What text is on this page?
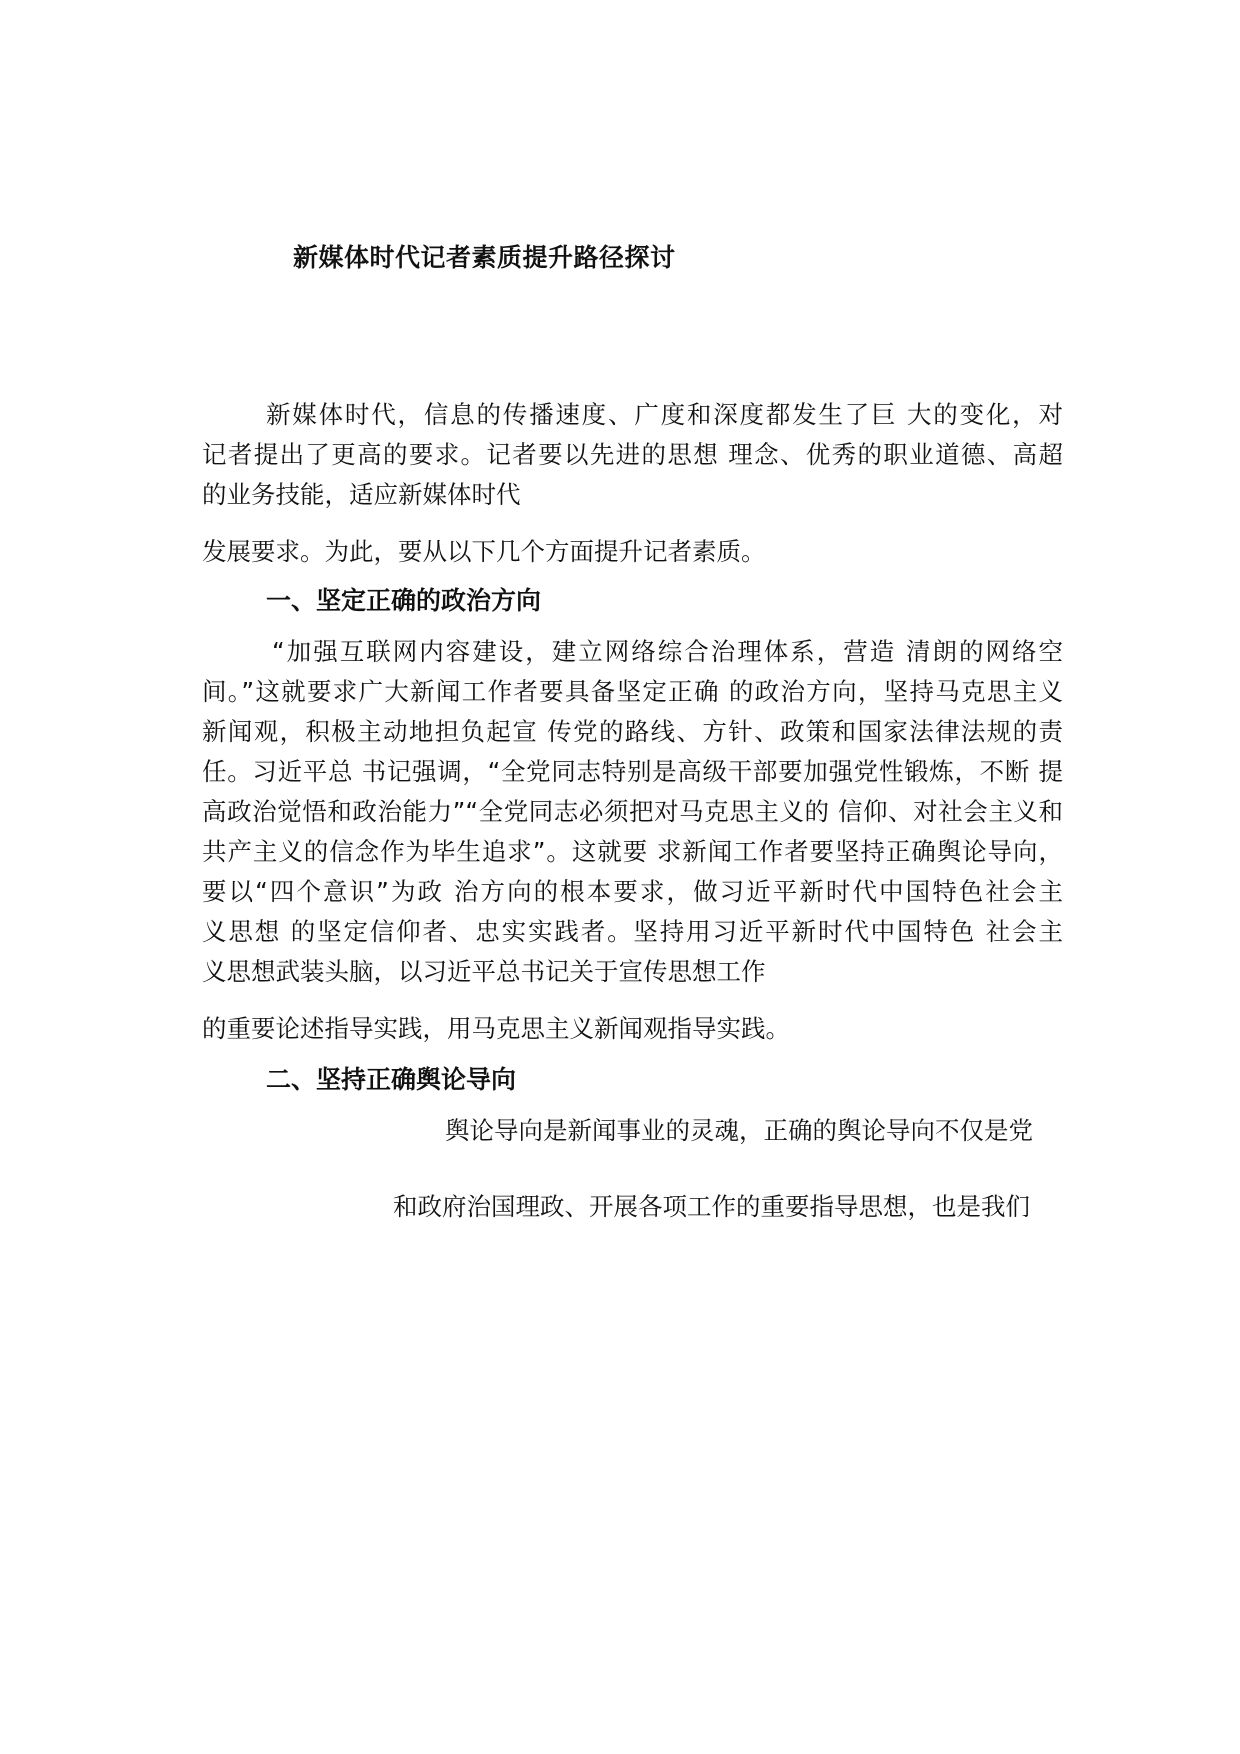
新媒体时代记者素质提升路径探讨
新媒体时代，信息的传播速度、广度和深度都发生了巨 大的变化，对
记者提出了更高的要求。记者要以先进的思想 理念、优秀的职业道德、高超
的业务技能，适应新媒体时代
发展要求。为此，要从以下几个方面提升记者素质。
一、坚定正确的政治方向
“加强互联网内容建设，建立网络综合治理体系，营造 清朗的网络空
间。”这就要求广大新闻工作者要具备坚定正确 的政治方向，坚持马克思主义
新闻观，积极主动地担负起宣 传党的路线、方针、政策和国家法律法规的责
任。习近平总 书记强调，“全党同志特别是高级干部要加强党性锻炼，不断 提
高政治觉悟和政治能力”“全党同志必须把对马克思主义的 信仰、对社会主义和
共产主义的信念作为毕生追求”。这就要 求新闻工作者要坚持正确舆论导向，
要以“四个意识”为政 治方向的根本要求，做习近平新时代中国特色社会主
义思想 的坚定信仰者、忠实实践者。坚持用习近平新时代中国特色 社会主
义思想武装头脑，以习近平总书记关于宣传思想工作
的重要论述指导实践，用马克思主义新闻观指导实践。
二、坚持正确舆论导向
舆论导向是新闻事业的灵魂，正确的舆论导向不仅是党
和政府治国理政、开展各项工作的重要指导思想，也是我们
